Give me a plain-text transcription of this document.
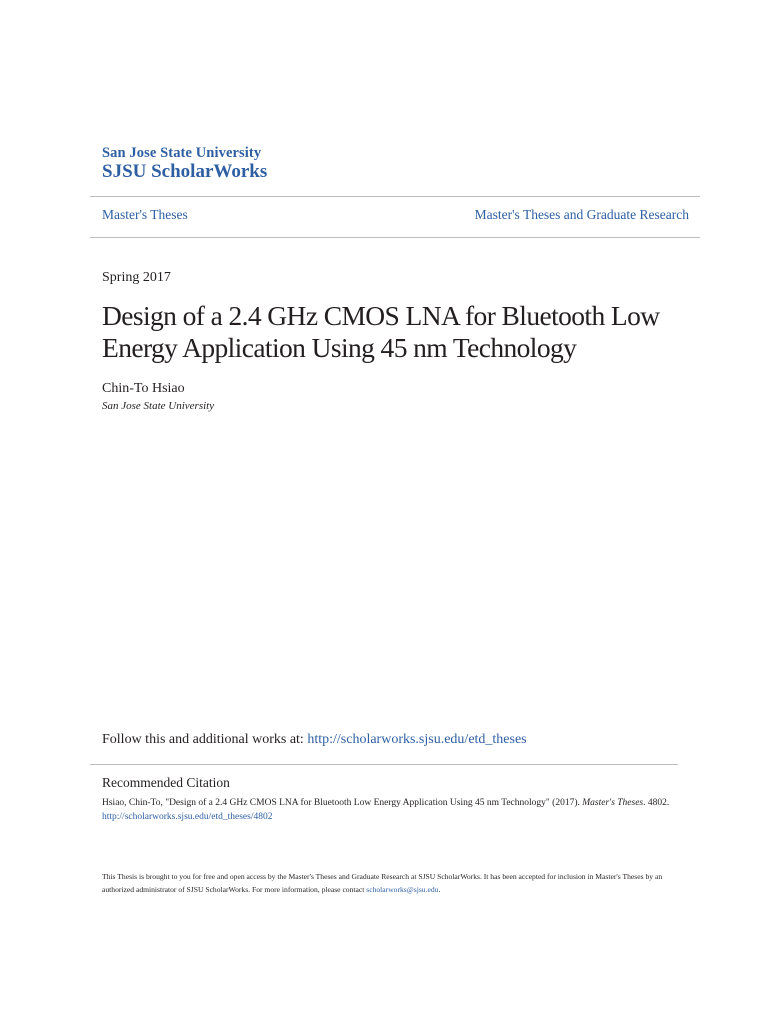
San Jose State University
SJSU ScholarWorks
Master's Theses	Master's Theses and Graduate Research
Spring 2017
Design of a 2.4 GHz CMOS LNA for Bluetooth Low Energy Application Using 45 nm Technology
Chin-To Hsiao
San Jose State University
Follow this and additional works at: http://scholarworks.sjsu.edu/etd_theses
Recommended Citation
Hsiao, Chin-To, "Design of a 2.4 GHz CMOS LNA for Bluetooth Low Energy Application Using 45 nm Technology" (2017). Master's Theses. 4802.
http://scholarworks.sjsu.edu/etd_theses/4802
This Thesis is brought to you for free and open access by the Master's Theses and Graduate Research at SJSU ScholarWorks. It has been accepted for inclusion in Master's Theses by an authorized administrator of SJSU ScholarWorks. For more information, please contact scholarworks@sjsu.edu.
